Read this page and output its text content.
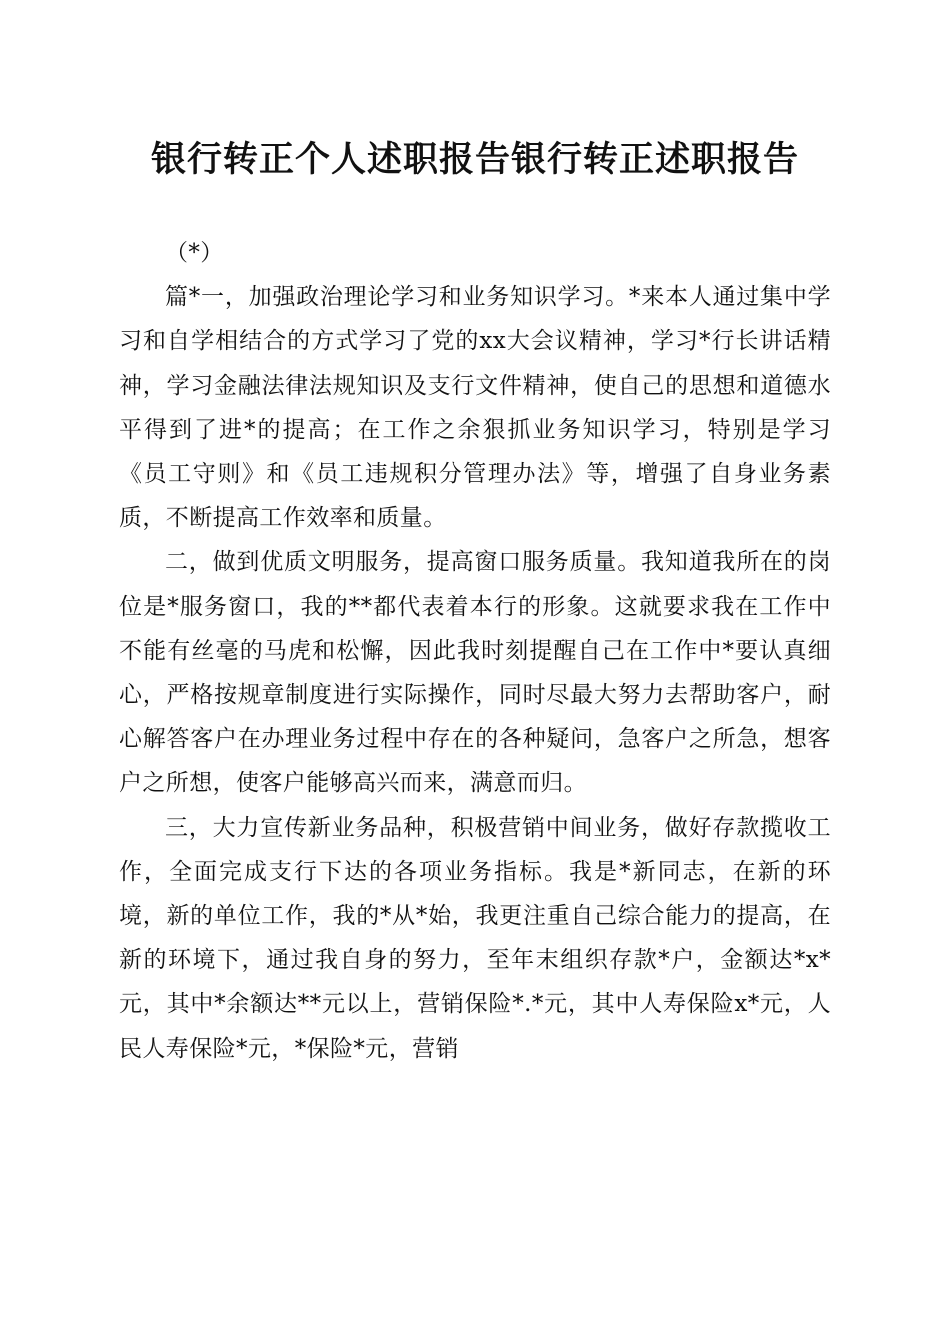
银行转正个人述职报告银行转正述职报告

（*）

篇*一，加强政治理论学习和业务知识学习。*来本人通过集中学习和自学相结合的方式学习了党的xx大会议精神，学习*行长讲话精神，学习金融法律法规知识及支行文件精神，使自己的思想和道德水平得到了进*的提高；在工作之余狠抓业务知识学习，特别是学习《员工守则》和《员工违规积分管理办法》等，增强了自身业务素质，不断提高工作效率和质量。

二，做到优质文明服务，提高窗口服务质量。我知道我所在的岗位是*服务窗口，我的**都代表着本行的形象。这就要求我在工作中不能有丝毫的马虎和松懈，因此我时刻提醒自己在工作中*要认真细心，严格按规章制度进行实际操作，同时尽最大努力去帮助客户，耐心解答客户在办理业务过程中存在的各种疑问，急客户之所急，想客户之所想，使客户能够高兴而来，满意而归。

三，大力宣传新业务品种，积极营销中间业务，做好存款揽收工作，全面完成支行下达的各项业务指标。我是*新同志，在新的环境，新的单位工作，我的*从*始，我更注重自己综合能力的提高，在新的环境下，通过我自身的努力，至年末组织存款*户，金额达*x*元，其中*余额达**元以上，营销保险*.*元，其中人寿保险x*元，人民人寿保险*元，*保险*元，营销
